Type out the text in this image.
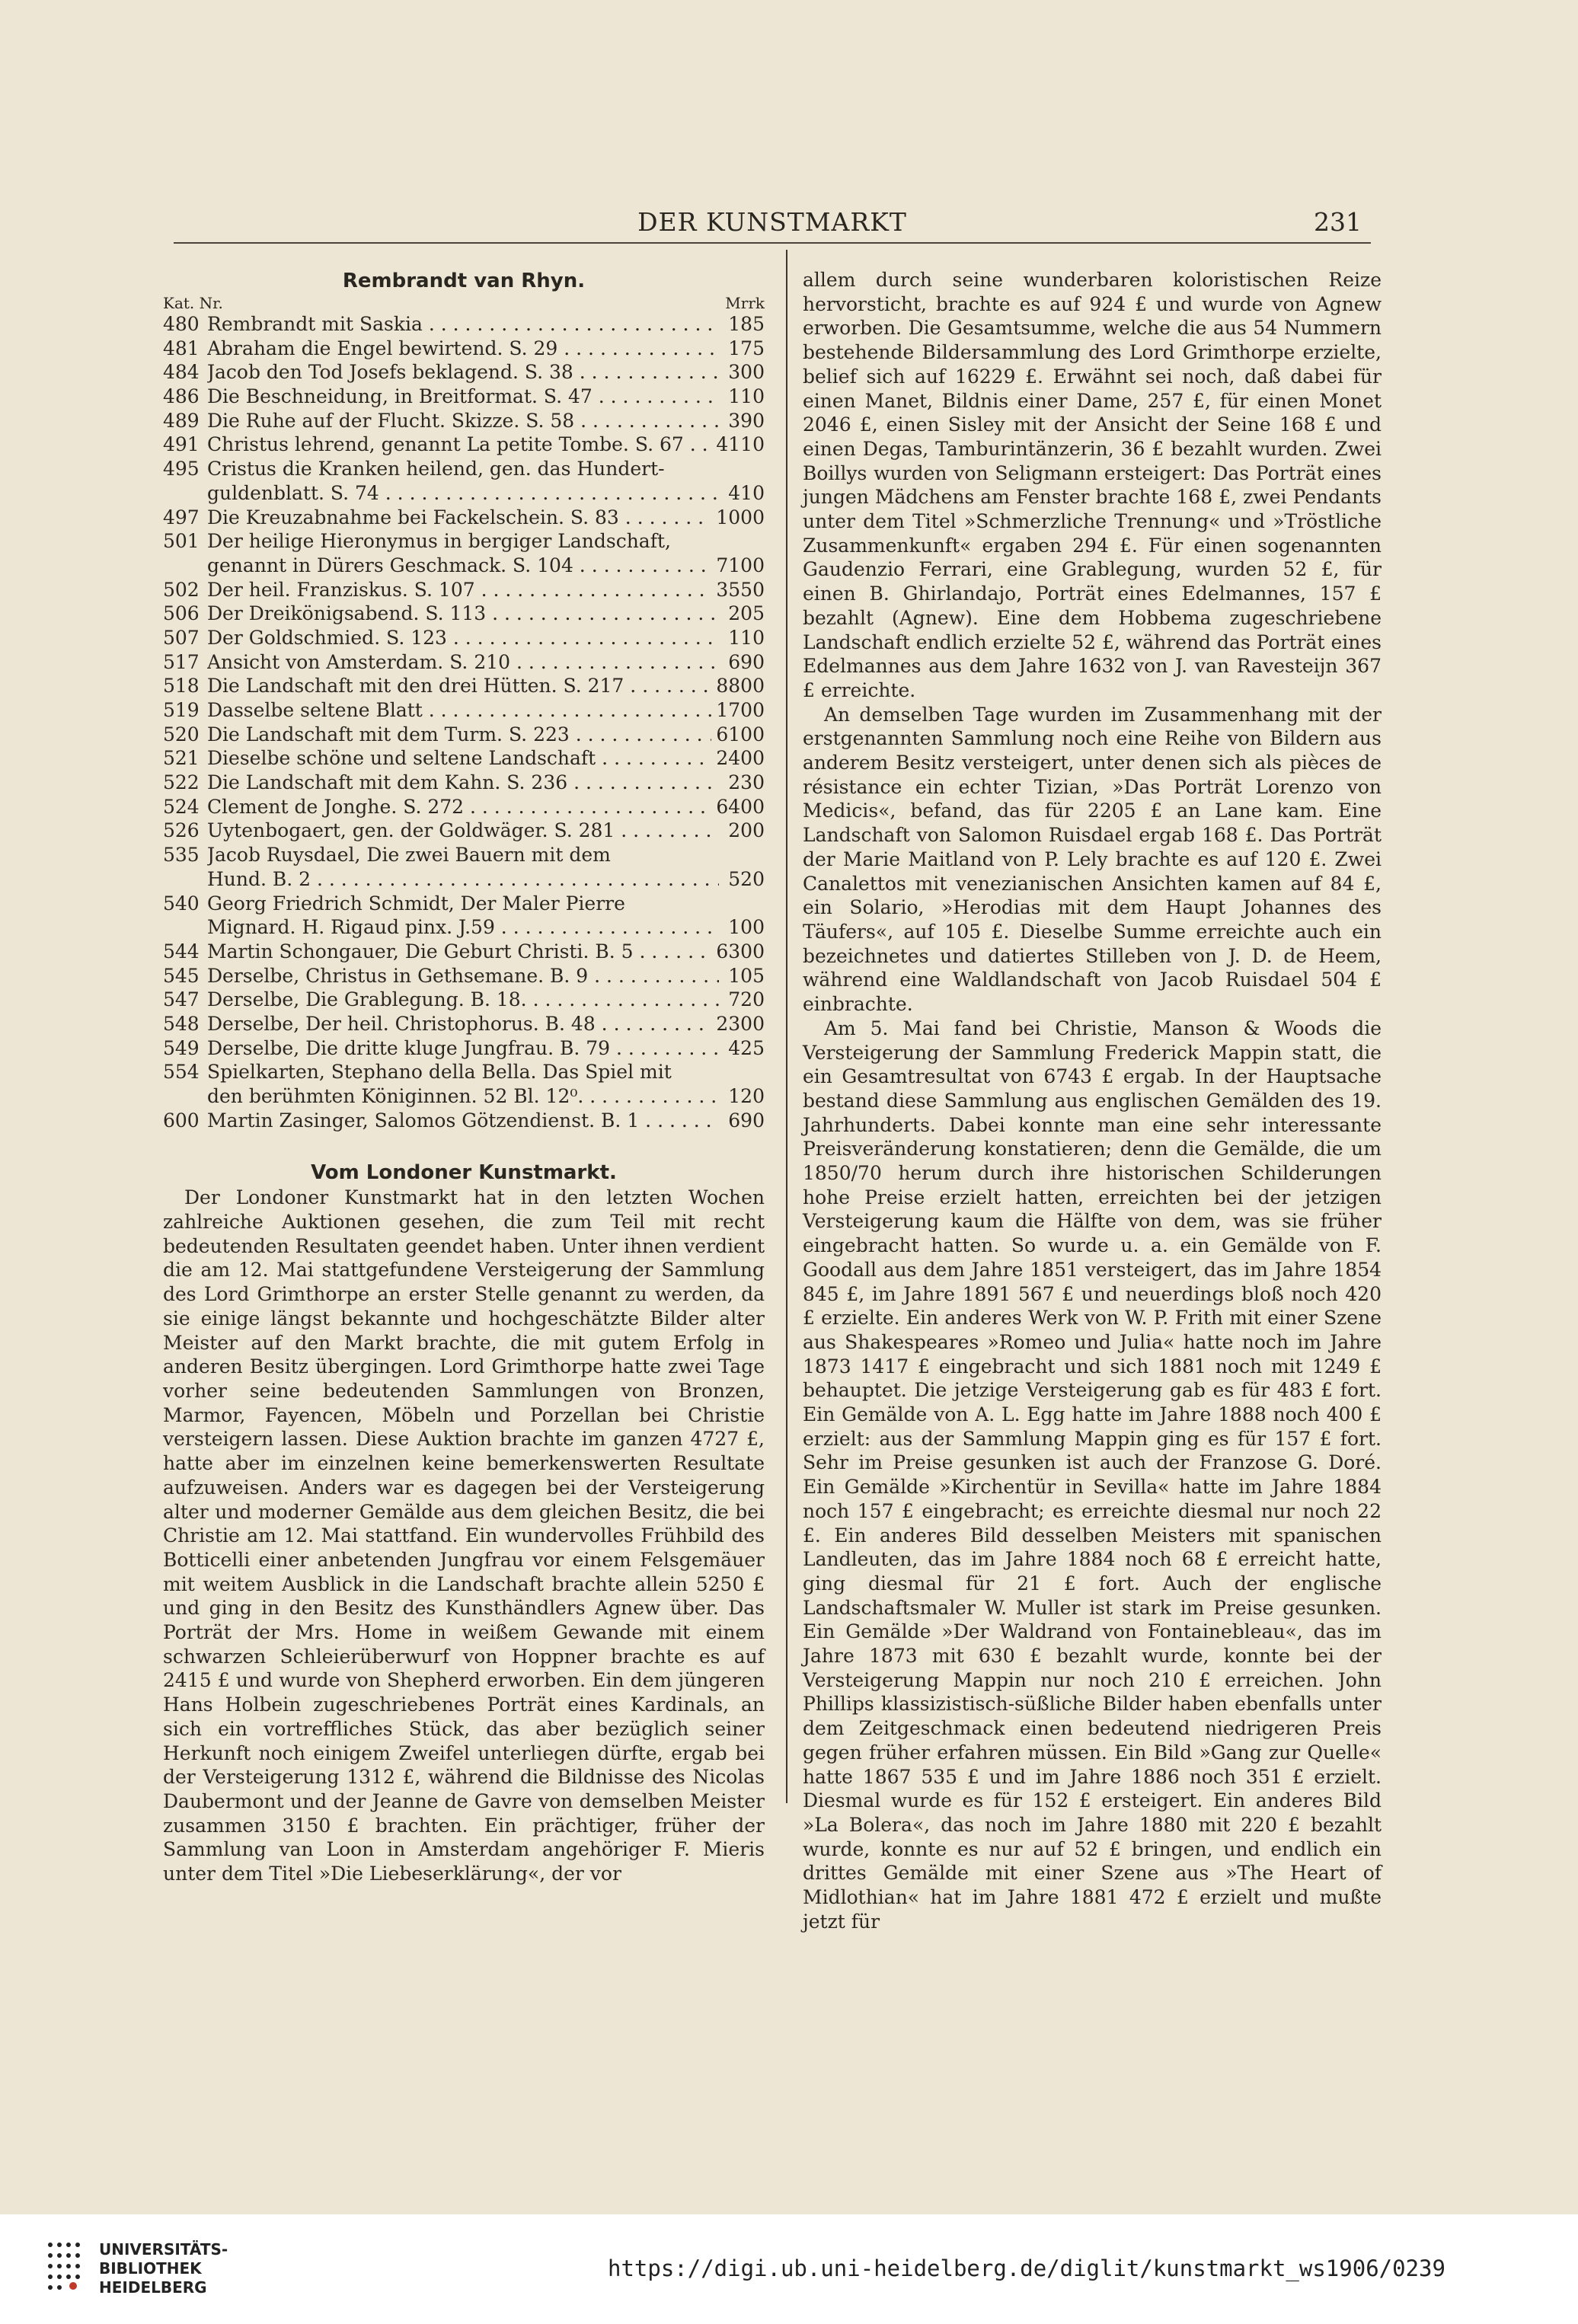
DER KUNSTMARKT	231
Rembrandt van Rhyn.
Kat. Nr.	Mrrk
480 Rembrandt mit Saskia . . .	185
481 Abraham die Engel bewirtend. S. 29 . . .	175
484 Jacob den Tod Josefs beklagend. S. 38 . . .	300
486 Die Beschneidung, in Breitformat. S. 47 . . .	110
489 Die Ruhe auf der Flucht. Skizze. S. 58 . . .	390
491 Christus lehrend, genannt La petite Tombe. S. 67 . . .	4110
495 Cristus die Kranken heilend, gen. das Hundert-
guldenblatt. S. 74 . . .	410
497 Die Kreuzabnahme bei Fackelschein. S. 83 . . .	1000
501 Der heilige Hieronymus in bergiger Landschaft,
genannt in Dürers Geschmack. S. 104 . . .	7100
502 Der heil. Franziskus. S. 107 . . .	3550
506 Der Dreikönigsabend. S. 113 . . .	205
507 Der Goldschmied. S. 123 . . .	110
517 Ansicht von Amsterdam. S. 210 . . .	690
518 Die Landschaft mit den drei Hütten. S. 217 . . .	8800
519 Dasselbe seltene Blatt . . .	1700
520 Die Landschaft mit dem Turm. S. 223 . . .	6100
521 Dieselbe schöne und seltene Landschaft . . .	2400
522 Die Landschaft mit dem Kahn. S. 236 . . .	230
524 Clement de Jonghe. S. 272 . . .	6400
526 Uytenbogaert, gen. der Goldwäger. S. 281 . . .	200
535 Jacob Ruysdael, Die zwei Bauern mit dem
Hund. B. 2 . . .	520
540 Georg Friedrich Schmidt, Der Maler Pierre
Mignard. H. Rigaud pinx. J.59 . . .	100
544 Martin Schongauer, Die Geburt Christi. B. 5 . . .	6300
545 Derselbe, Christus in Gethsemane. B. 9 . . .	105
547 Derselbe, Die Grablegung. B. 18. . . .	720
548 Derselbe, Der heil. Christophorus. B. 48 . . .	2300
549 Derselbe, Die dritte kluge Jungfrau. B. 79 . . .	425
554 Spielkarten, Stephano della Bella. Das Spiel mit
den berühmten Königinnen. 52 Bl. 12⁰. . . .	120
600 Martin Zasinger, Salomos Götzendienst. B. 1 . . .	690
Vom Londoner Kunstmarkt.

Der Londoner Kunstmarkt hat in den letzten Wochen zahlreiche Auktionen gesehen, die zum Teil mit recht bedeutenden Resultaten geendet haben. Unter ihnen verdient die am 12. Mai stattgefundene Versteigerung der Sammlung des Lord Grimthorpe an erster Stelle genannt zu werden, da sie einige längst bekannte und hochgeschätzte Bilder alter Meister auf den Markt brachte, die mit gutem Erfolg in anderen Besitz übergingen. Lord Grimthorpe hatte zwei Tage vorher seine bedeutenden Sammlungen von Bronzen, Marmor, Fayencen, Möbeln und Porzellan bei Christie versteigern lassen. Diese Auktion brachte im ganzen 4727 £, hatte aber im einzelnen keine bemerkenswerten Resultate aufzuweisen. Anders war es dagegen bei der Versteigerung alter und moderner Gemälde aus dem gleichen Besitz, die bei Christie am 12. Mai stattfand. Ein wundervolles Frühbild des Botticelli einer anbetenden Jungfrau vor einem Felsgemäuer mit weitem Ausblick in die Landschaft brachte allein 5250 £ und ging in den Besitz des Kunsthändlers Agnew über. Das Porträt der Mrs. Home in weißem Gewande mit einem schwarzen Schleierüberwurf von Hoppner brachte es auf 2415 £ und wurde von Shepherd erworben. Ein dem jüngeren Hans Holbein zugeschriebenes Porträt eines Kardinals, an sich ein vortreffliches Stück, das aber bezüglich seiner Herkunft noch einigem Zweifel unterliegen dürfte, ergab bei der Versteigerung 1312 £, während die Bildnisse des Nicolas Daubermont und der Jeanne de Gavre von demselben Meister zusammen 3150 £ brachten. Ein prächtiger, früher der Sammlung van Loon in Amsterdam angehöriger F. Mieris unter dem Titel »Die Liebeserklärung«, der vor

allem durch seine wunderbaren koloristischen Reize hervorsticht, brachte es auf 924 £ und wurde von Agnew erworben. Die Gesamtsumme, welche die aus 54 Nummern bestehende Bildersammlung des Lord Grimthorpe erzielte, belief sich auf 16229 £. Erwähnt sei noch, daß dabei für einen Manet, Bildnis einer Dame, 257 £, für einen Monet 2046 £, einen Sisley mit der Ansicht der Seine 168 £ und einen Degas, Tamburintänzerin, 36 £ bezahlt wurden. Zwei Boillys wurden von Seligmann ersteigert: Das Porträt eines jungen Mädchens am Fenster brachte 168 £, zwei Pendants unter dem Titel »Schmerzliche Trennung« und »Tröstliche Zusammenkunft« ergaben 294 £. Für einen sogenannten Gaudenzio Ferrari, eine Grablegung, wurden 52 £, für einen B. Ghirlandajo, Porträt eines Edelmannes, 157 £ bezahlt (Agnew). Eine dem Hobbema zugeschriebene Landschaft endlich erzielte 52 £, während das Porträt eines Edelmannes aus dem Jahre 1632 von J. van Ravesteijn 367 £ erreichte.

An demselben Tage wurden im Zusammenhang mit der erstgenannten Sammlung noch eine Reihe von Bildern aus anderem Besitz versteigert, unter denen sich als pièces de résistance ein echter Tizian, »Das Porträt Lorenzo von Medicis«, befand, das für 2205 £ an Lane kam. Eine Landschaft von Salomon Ruisdael ergab 168 £. Das Porträt der Marie Maitland von P. Lely brachte es auf 120 £. Zwei Canalettos mit venezianischen Ansichten kamen auf 84 £, ein Solario, »Herodias mit dem Haupt Johannes des Täufers«, auf 105 £. Dieselbe Summe erreichte auch ein bezeichnetes und datiertes Stilleben von J. D. de Heem, während eine Waldlandschaft von Jacob Ruisdael 504 £ einbrachte.

Am 5. Mai fand bei Christie, Manson & Woods die Versteigerung der Sammlung Frederick Mappin statt, die ein Gesamtresultat von 6743 £ ergab. In der Hauptsache bestand diese Sammlung aus englischen Gemälden des 19. Jahrhunderts. Dabei konnte man eine sehr interessante Preisveränderung konstatieren; denn die Gemälde, die um 1850/70 herum durch ihre historischen Schilderungen hohe Preise erzielt hatten, erreichten bei der jetzigen Versteigerung kaum die Hälfte von dem, was sie früher eingebracht hatten. So wurde u. a. ein Gemälde von F. Goodall aus dem Jahre 1851 versteigert, das im Jahre 1854 845 £, im Jahre 1891 567 £ und neuerdings bloß noch 420 £ erzielte. Ein anderes Werk von W. P. Frith mit einer Szene aus Shakespeares »Romeo und Julia« hatte noch im Jahre 1873 1417 £ eingebracht und sich 1881 noch mit 1249 £ behauptet. Die jetzige Versteigerung gab es für 483 £ fort. Ein Gemälde von A. L. Egg hatte im Jahre 1888 noch 400 £ erzielt: aus der Sammlung Mappin ging es für 157 £ fort. Sehr im Preise gesunken ist auch der Franzose G. Doré. Ein Gemälde »Kirchentür in Sevilla« hatte im Jahre 1884 noch 157 £ eingebracht; es erreichte diesmal nur noch 22 £. Ein anderes Bild desselben Meisters mit spanischen Landleuten, das im Jahre 1884 noch 68 £ erreicht hatte, ging diesmal für 21 £ fort. Auch der englische Landschaftsmaler W. Muller ist stark im Preise gesunken. Ein Gemälde »Der Waldrand von Fontainebleau«, das im Jahre 1873 mit 630 £ bezahlt wurde, konnte bei der Versteigerung Mappin nur noch 210 £ erreichen. John Phillips klassizistisch-süßliche Bilder haben ebenfalls unter dem Zeitgeschmack einen bedeutend niedrigeren Preis gegen früher erfahren müssen. Ein Bild »Gang zur Quelle« hatte 1867 535 £ und im Jahre 1886 noch 351 £ erzielt. Diesmal wurde es für 152 £ ersteigert. Ein anderes Bild »La Bolera«, das noch im Jahre 1880 mit 220 £ bezahlt wurde, konnte es nur auf 52 £ bringen, und endlich ein drittes Gemälde mit einer Szene aus »The Heart of Midlothian« hat im Jahre 1881 472 £ erzielt und mußte jetzt für

UNIVERSITÄTS-
BIBLIOTHEK
HEIDELBERG
https://digi.ub.uni-heidelberg.de/diglit/kunstmarkt_ws1906/0239
